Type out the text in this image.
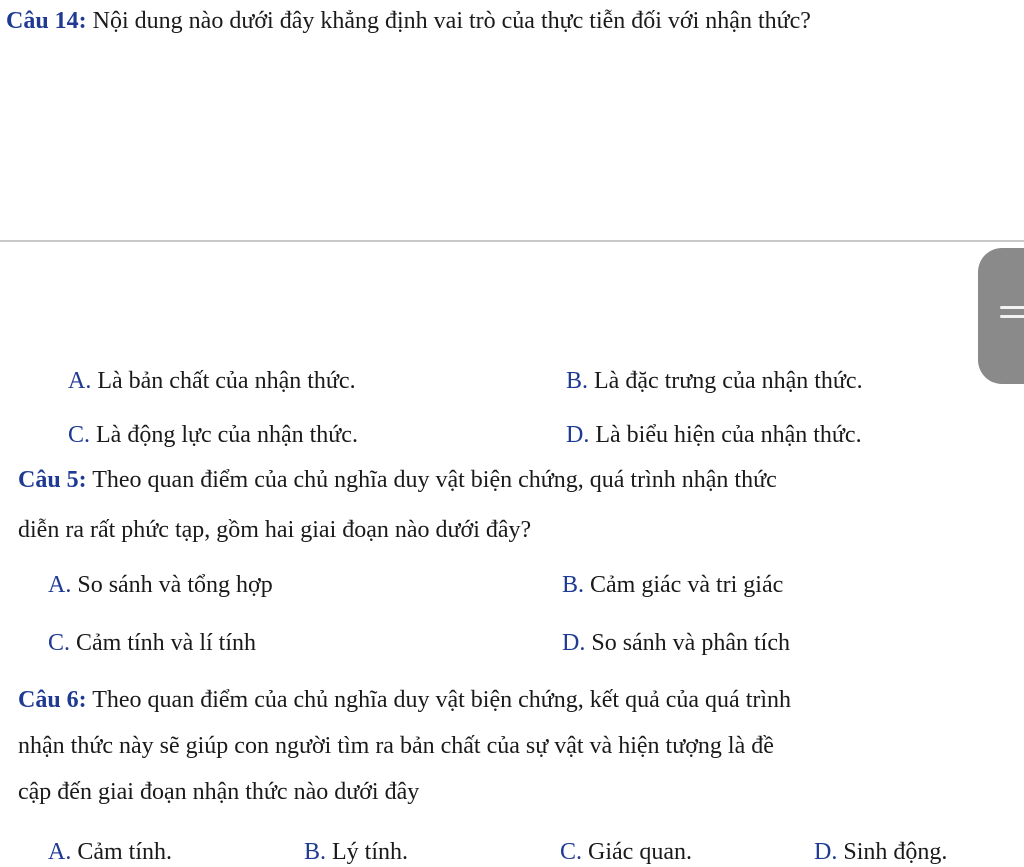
Câu 14: Nội dung nào dưới đây khẳng định vai trò của thực tiễn đối với nhận thức?
A. Là bản chất của nhận thức.	B. Là đặc trưng của nhận thức.
C. Là động lực của nhận thức.	D. Là biểu hiện của nhận thức.
Câu 5: Theo quan điểm của chủ nghĩa duy vật biện chứng, quá trình nhận thức
diễn ra rất phức tạp, gồm hai giai đoạn nào dưới đây?
A. So sánh và tổng hợp	B. Cảm giác và tri giác
C. Cảm tính và lí tính	D. So sánh và phân tích
Câu 6: Theo quan điểm của chủ nghĩa duy vật biện chứng, kết quả của quá trình
nhận thức này sẽ giúp con người tìm ra bản chất của sự vật và hiện tượng là đề
cập đến giai đoạn nhận thức nào dưới đây
A. Cảm tính.	B. Lý tính.	C. Giác quan.	D. Sinh động.
